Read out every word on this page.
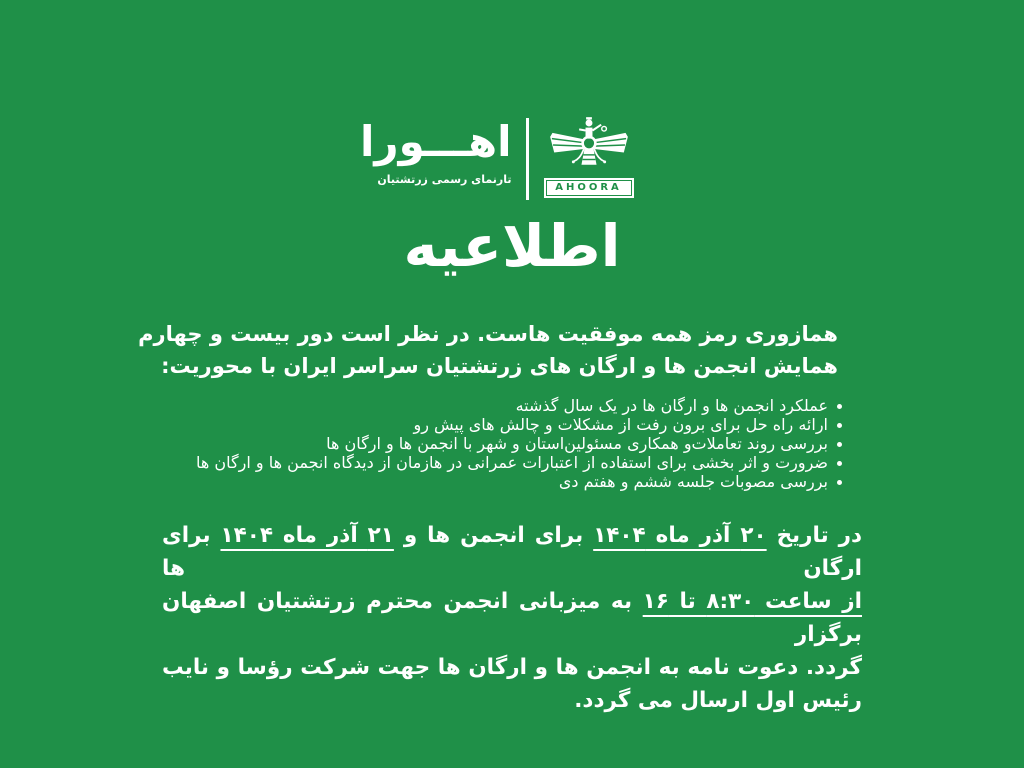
اهـــورا
تارنمای رسمی زرتشتیان
AHOORA
اطلاعیه
همازوری رمز همه موفقیت هاست. در نظر است دور بیست و چهارم
همایش انجمن ها و ارگان های زرتشتیان سراسر ایران با محوریت:
عملکرد انجمن ها و ارگان ها در یک سال گذشته
ارائه راه حل برای برون رفت از مشکلات و چالش های پیش رو
بررسی روند تعاملات‌و همکاری مسئولین‌استان و شهر با انجمن ها و ارگان ها
ضرورت و اثر بخشی برای استفاده از اعتبارات عمرانی در هازمان از دیدگاه انجمن ها و ارگان ها
بررسی مصوبات جلسه ششم و هفتم دی
در تاریخ ۲۰ آذر ماه ۱۴۰۴ برای انجمن ها و ۲۱ آذر ماه ۱۴۰۴ برای ارگان ها
از ساعت ۸:۳۰ تا ۱۶ به میزبانی انجمن محترم زرتشتیان اصفهان برگزار
گردد. دعوت نامه به انجمن ها و ارگان ها جهت شرکت رؤسا و نایب
رئیس اول ارسال می گردد.
